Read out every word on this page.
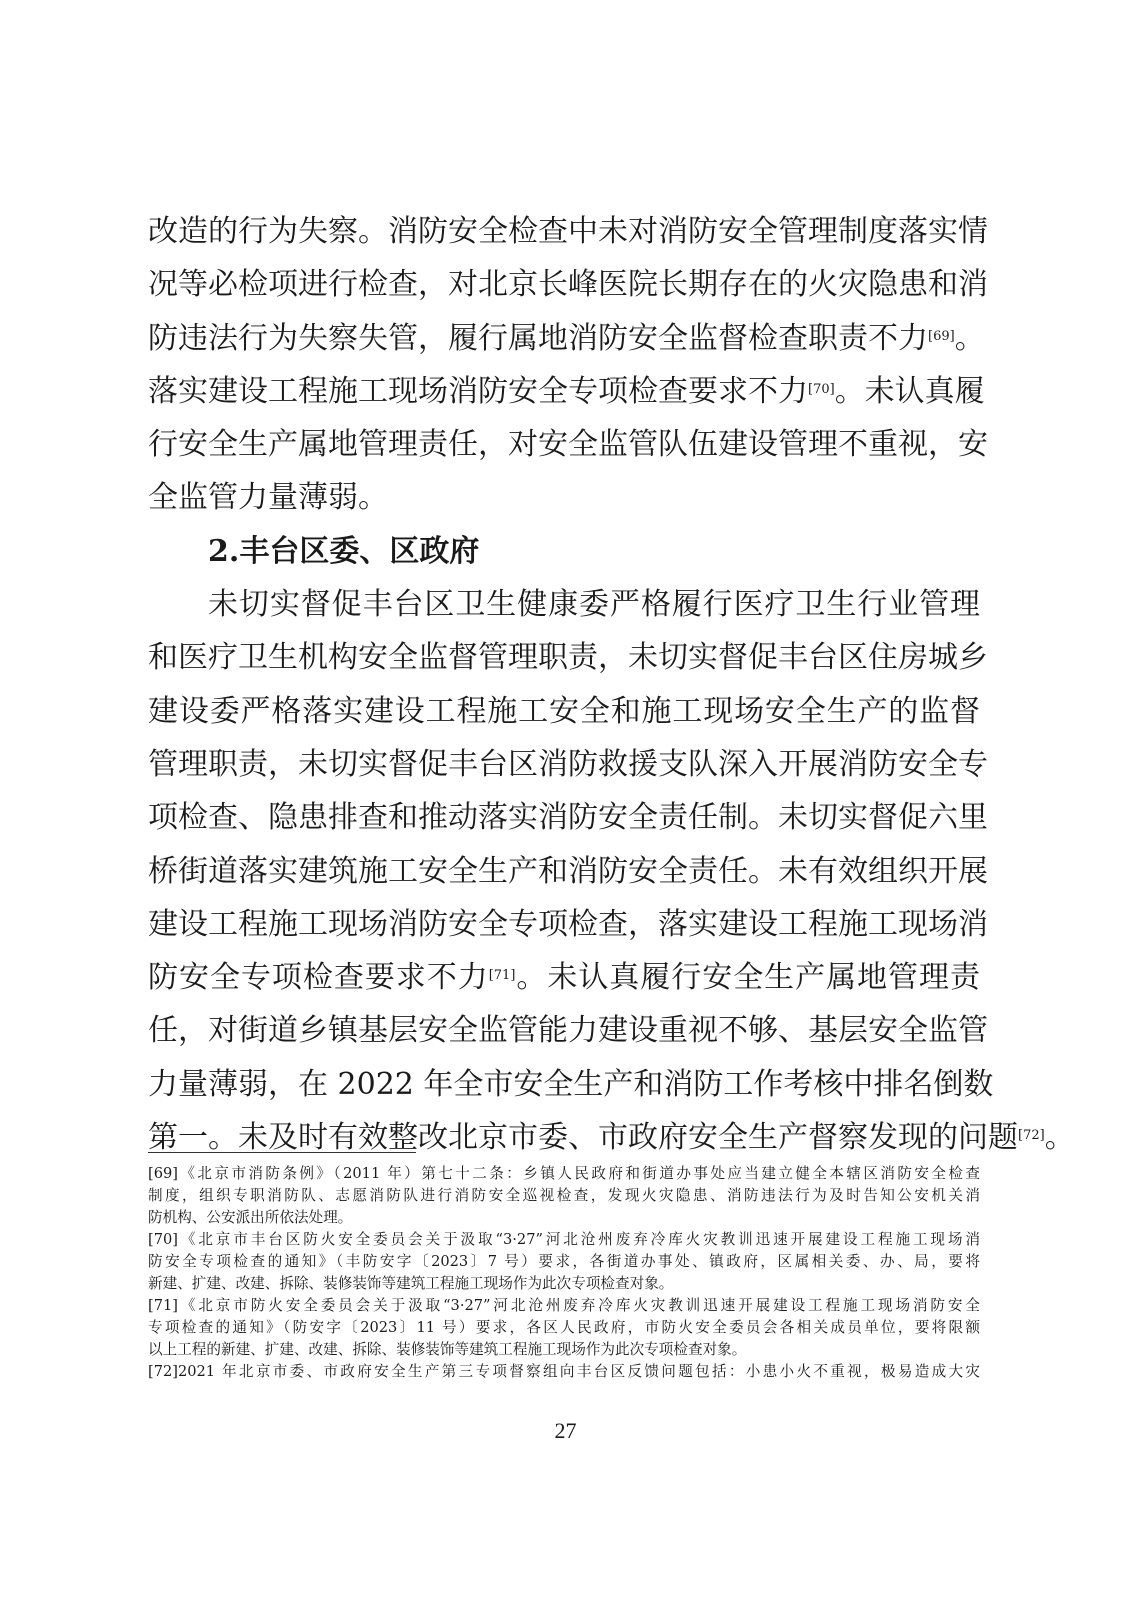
改造的行为失察。消防安全检查中未对消防安全管理制度落实情
况等必检项进行检查，对北京长峰医院长期存在的火灾隐患和消
防违法行为失察失管，履行属地消防安全监督检查职责不力[69]。
落实建设工程施工现场消防安全专项检查要求不力[70]。未认真履
行安全生产属地管理责任，对安全监管队伍建设管理不重视，安
全监管力量薄弱。
2.丰台区委、区政府
未切实督促丰台区卫生健康委严格履行医疗卫生行业管理
和医疗卫生机构安全监督管理职责，未切实督促丰台区住房城乡
建设委严格落实建设工程施工安全和施工现场安全生产的监督
管理职责，未切实督促丰台区消防救援支队深入开展消防安全专
项检查、隐患排查和推动落实消防安全责任制。未切实督促六里
桥街道落实建筑施工安全生产和消防安全责任。未有效组织开展
建设工程施工现场消防安全专项检查，落实建设工程施工现场消
防安全专项检查要求不力[71]。未认真履行安全生产属地管理责
任，对街道乡镇基层安全监管能力建设重视不够、基层安全监管
力量薄弱，在 2022 年全市安全生产和消防工作考核中排名倒数
第一。未及时有效整改北京市委、市政府安全生产督察发现的问题[72]。
[69]《北京市消防条例》（2011 年）第七十二条：乡镇人民政府和街道办事处应当建立健全本辖区消防安全检查
制度，组织专职消防队、志愿消防队进行消防安全巡视检查，发现火灾隐患、消防违法行为及时告知公安机关消
防机构、公安派出所依法处理。
[70]《北京市丰台区防火安全委员会关于汲取“3·27”河北沧州废弃冷库火灾教训迅速开展建设工程施工现场消
防安全专项检查的通知》（丰防安字〔2023〕7 号）要求，各街道办事处、镇政府，区属相关委、办、局，要将
新建、扩建、改建、拆除、装修装饰等建筑工程施工现场作为此次专项检查对象。
[71]《北京市防火安全委员会关于汲取“3·27”河北沧州废弃冷库火灾教训迅速开展建设工程施工现场消防安全
专项检查的通知》（防安字〔2023〕11 号）要求，各区人民政府，市防火安全委员会各相关成员单位，要将限额
以上工程的新建、扩建、改建、拆除、装修装饰等建筑工程施工现场作为此次专项检查对象。
[72]2021 年北京市委、市政府安全生产第三专项督察组向丰台区反馈问题包括：小患小火不重视，极易造成大灾
27
